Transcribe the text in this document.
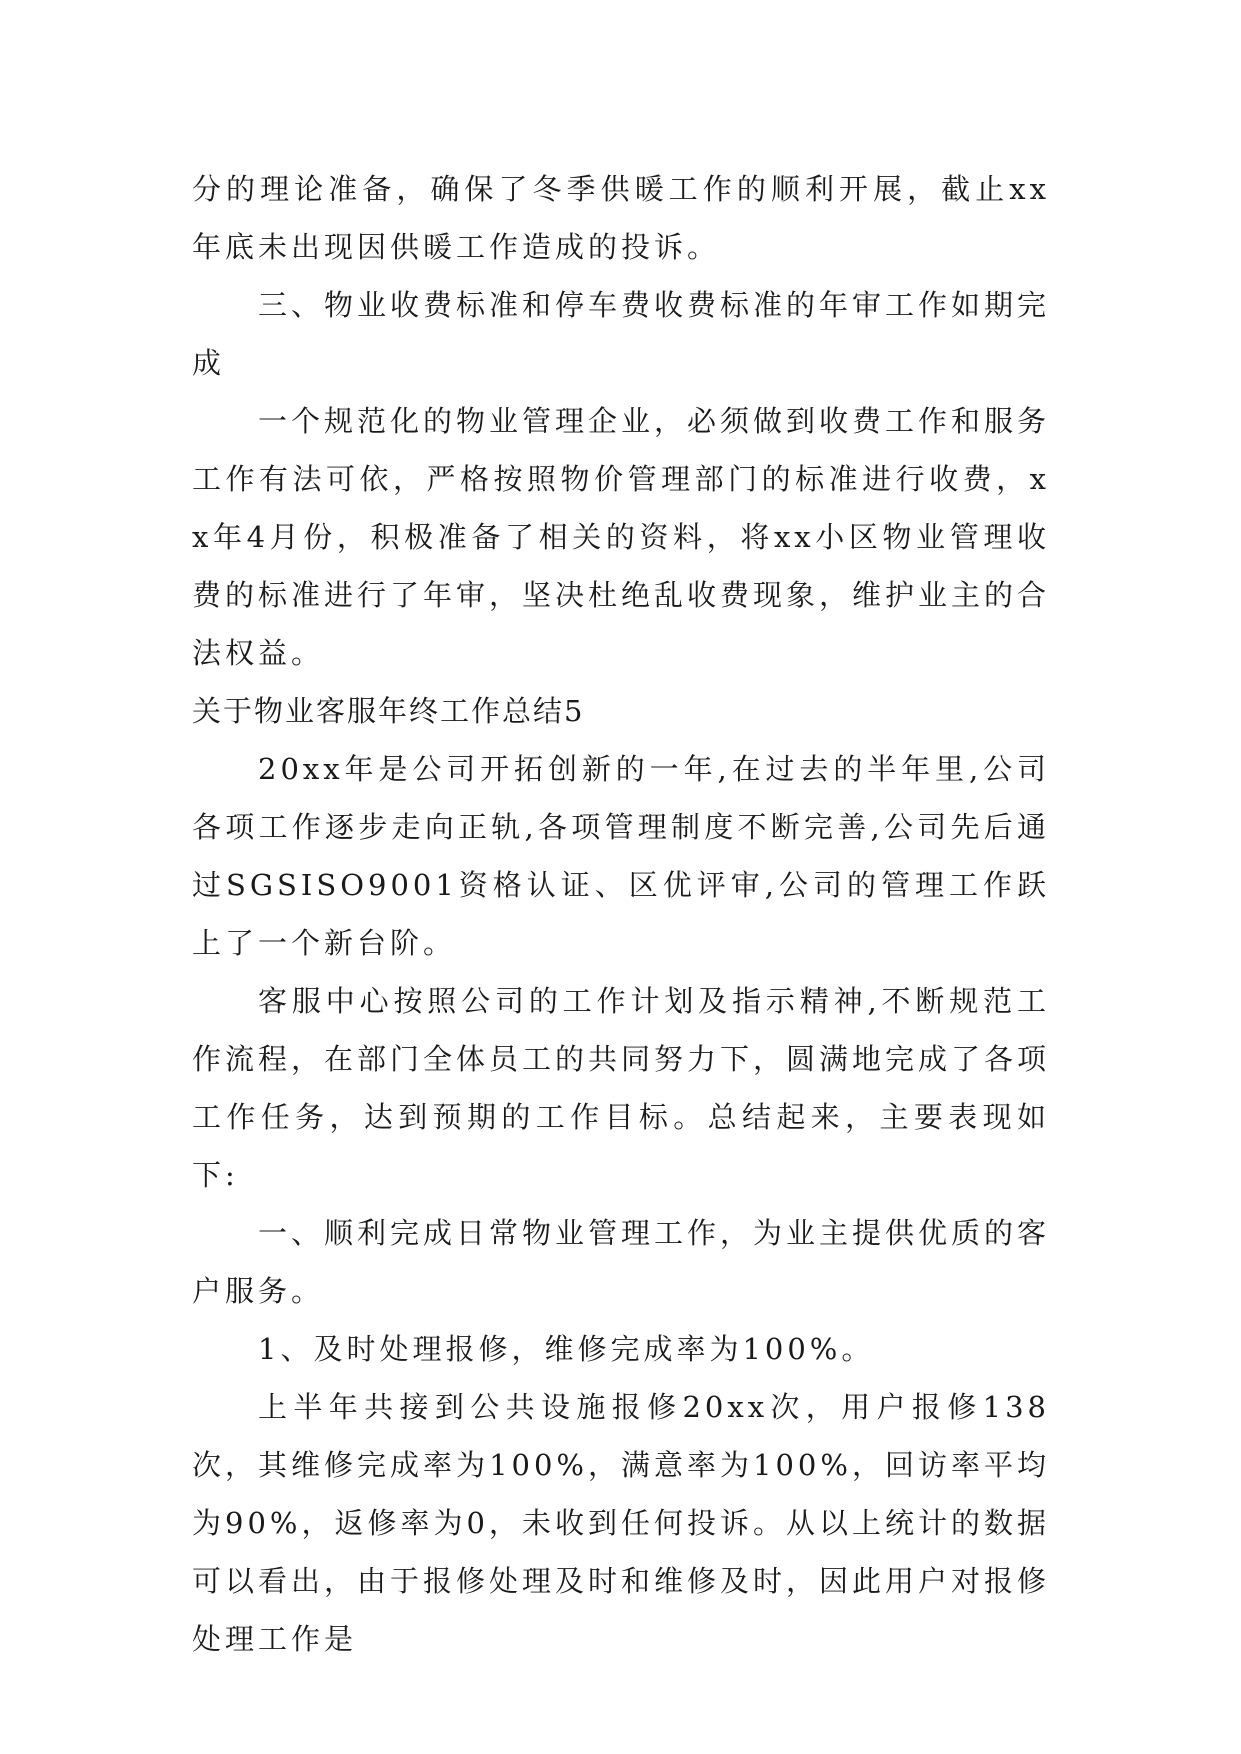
分的理论准备，确保了冬季供暖工作的顺利开展，截止xx年底未出现因供暖工作造成的投诉。

三、物业收费标准和停车费收费标准的年审工作如期完成

一个规范化的物业管理企业，必须做到收费工作和服务工作有法可依，严格按照物价管理部门的标准进行收费，xx年4月份，积极准备了相关的资料，将xx小区物业管理收费的标准进行了年审，坚决杜绝乱收费现象，维护业主的合法权益。

关于物业客服年终工作总结5

20xx年是公司开拓创新的一年,在过去的半年里,公司各项工作逐步走向正轨,各项管理制度不断完善,公司先后通过SGSISO9001资格认证、区优评审,公司的管理工作跃上了一个新台阶。

客服中心按照公司的工作计划及指示精神,不断规范工作流程，在部门全体员工的共同努力下，圆满地完成了各项工作任务，达到预期的工作目标。总结起来，主要表现如下:

一、顺利完成日常物业管理工作，为业主提供优质的客户服务。

1、及时处理报修，维修完成率为100%。

上半年共接到公共设施报修20xx次，用户报修138次，其维修完成率为100%，满意率为100%，回访率平均为90%，返修率为0，未收到任何投诉。从以上统计的数据可以看出，由于报修处理及时和维修及时，因此用户对报修处理工作是
